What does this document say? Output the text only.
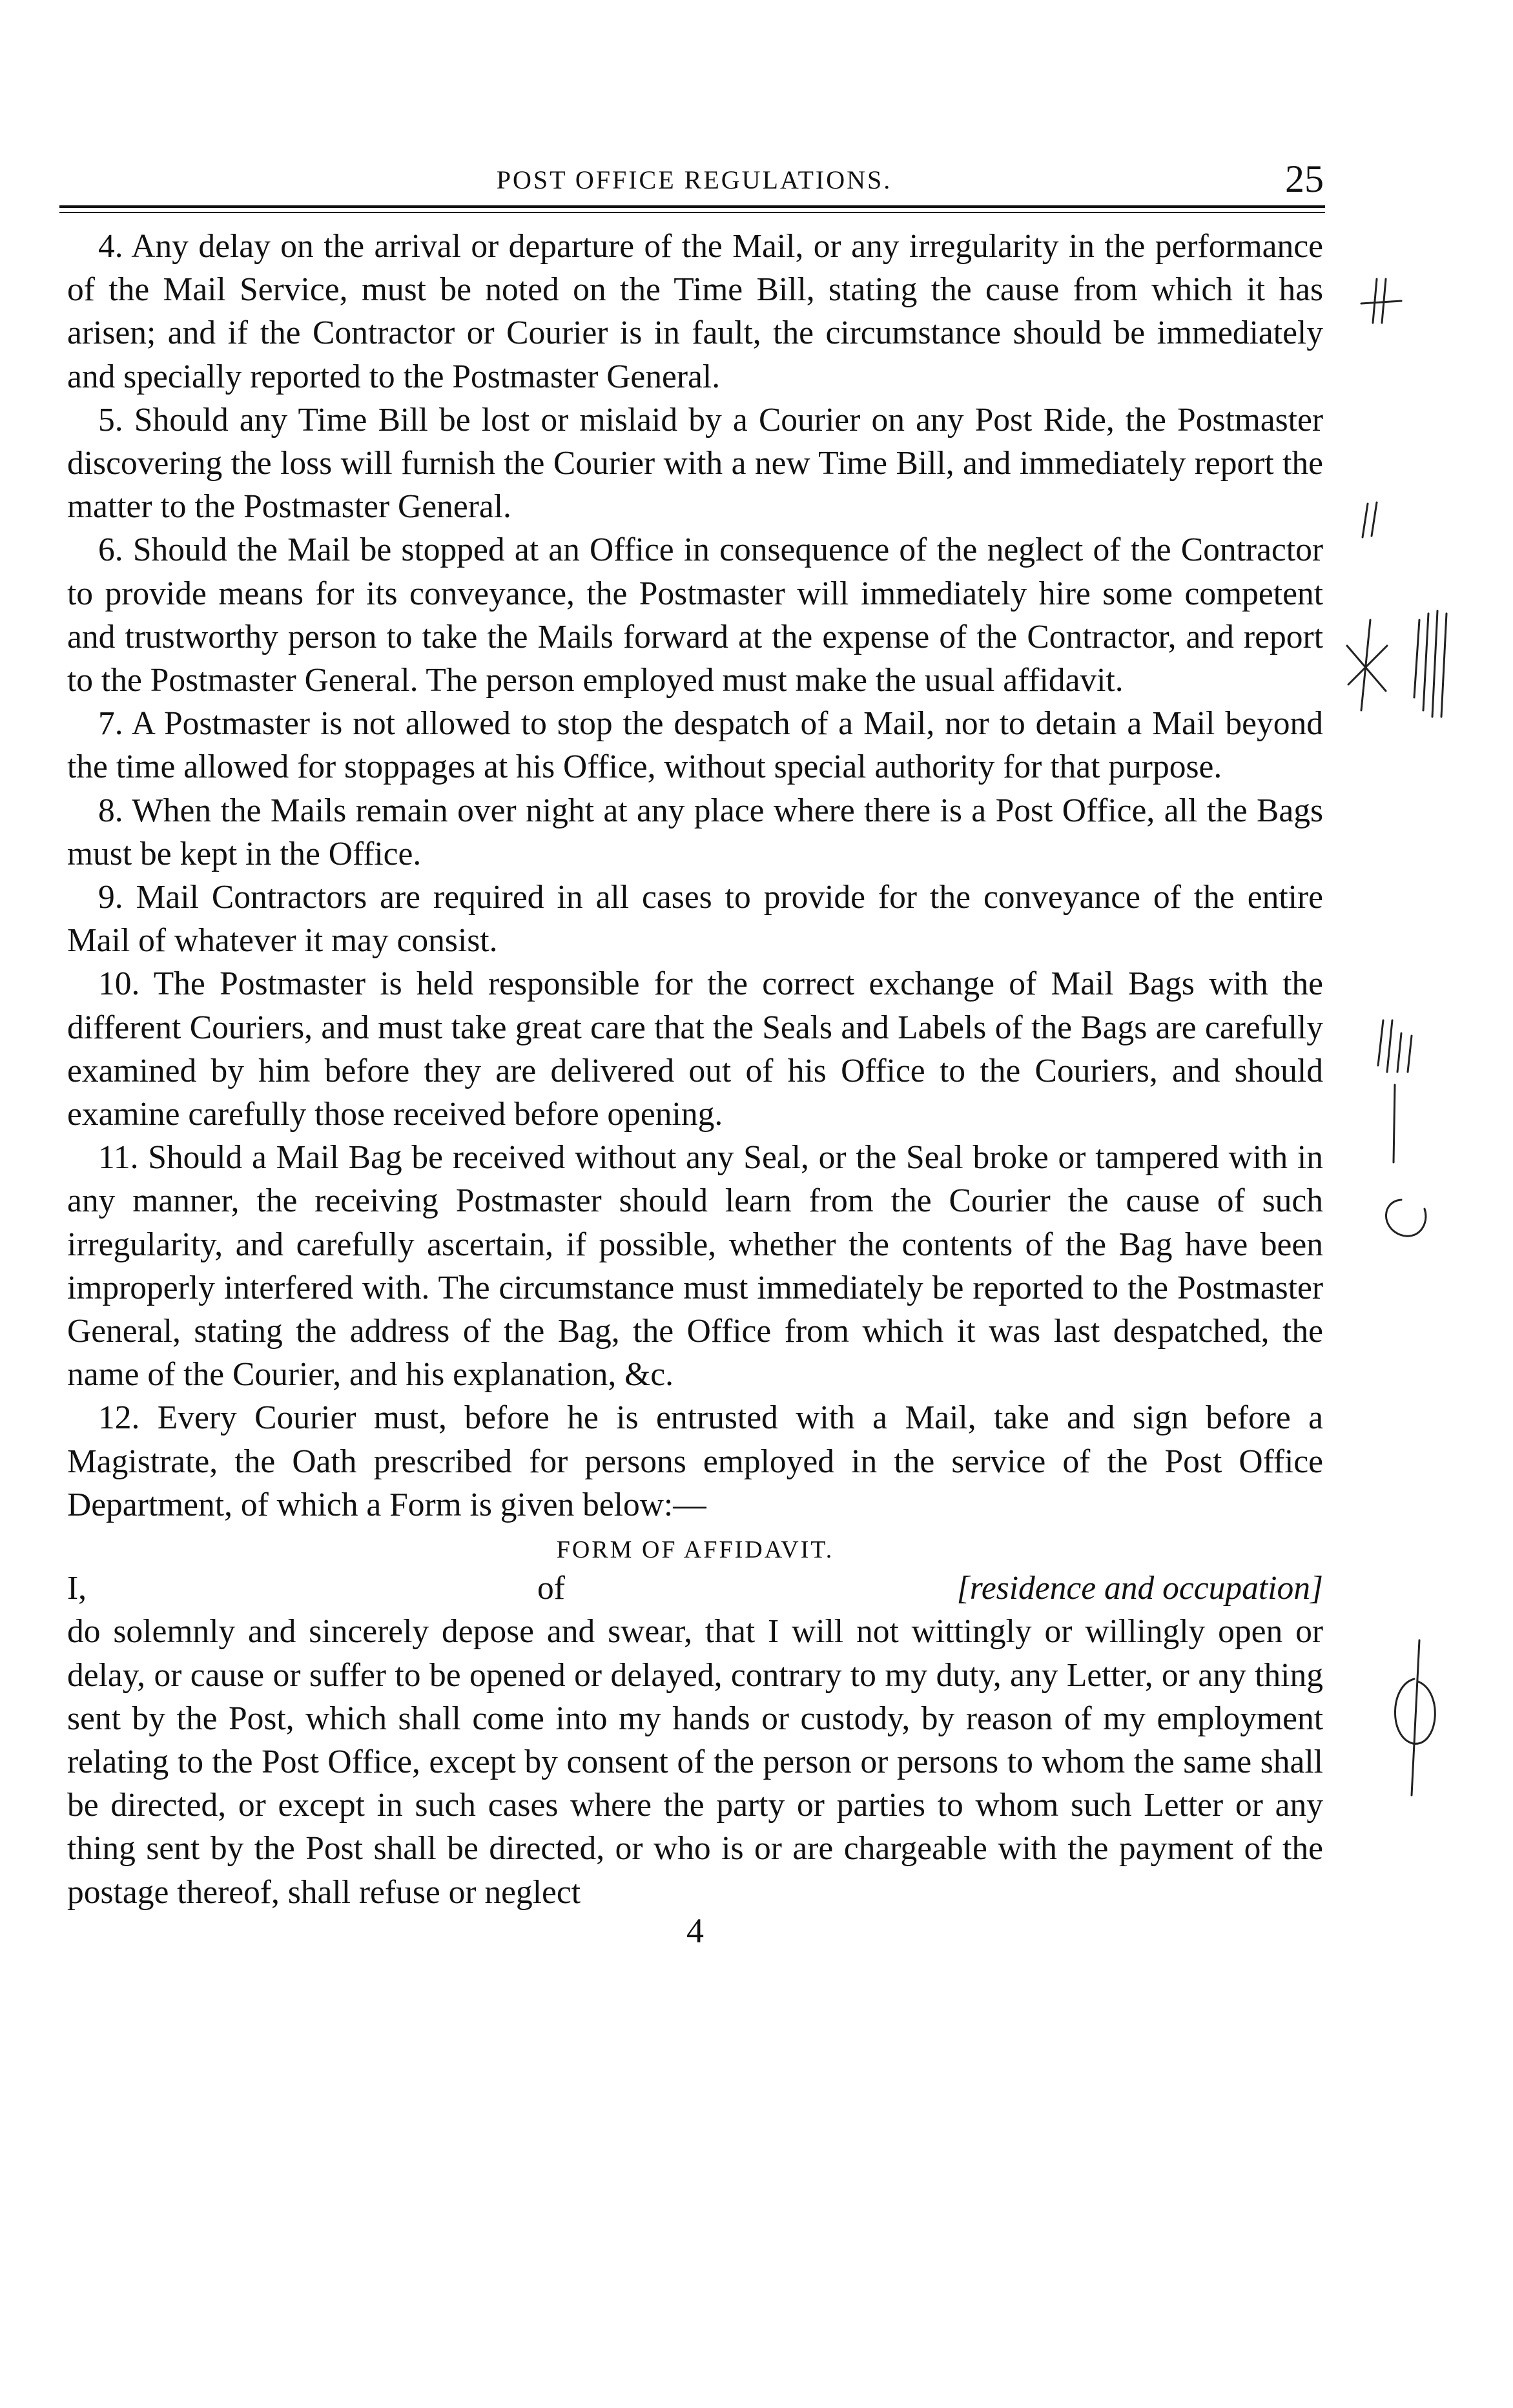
POST OFFICE REGULATIONS.	25

4. Any delay on the arrival or departure of the Mail, or any irregularity in the performance of the Mail Service, must be noted on the Time Bill, stating the cause from which it has arisen; and if the Contractor or Courier is in fault, the circumstance should be immediately and specially reported to the Postmaster General.

5. Should any Time Bill be lost or mislaid by a Courier on any Post Ride, the Postmaster discovering the loss will furnish the Courier with a new Time Bill, and immediately report the matter to the Postmaster General.

6. Should the Mail be stopped at an Office in consequence of the neglect of the Contractor to provide means for its conveyance, the Postmaster will immediately hire some competent and trustworthy person to take the Mails forward at the expense of the Contractor, and report to the Postmaster General. The person employed must make the usual affidavit.

7. A Postmaster is not allowed to stop the despatch of a Mail, nor to detain a Mail beyond the time allowed for stoppages at his Office, without special authority for that purpose.

8. When the Mails remain over night at any place where there is a Post Office, all the Bags must be kept in the Office.

9. Mail Contractors are required in all cases to provide for the conveyance of the entire Mail of whatever it may consist.

10. The Postmaster is held responsible for the correct exchange of Mail Bags with the different Couriers, and must take great care that the Seals and Labels of the Bags are carefully examined by him before they are delivered out of his Office to the Couriers, and should examine carefully those received before opening.

11. Should a Mail Bag be received without any Seal, or the Seal broke or tampered with in any manner, the receiving Postmaster should learn from the Courier the cause of such irregularity, and carefully ascertain, if possible, whether the contents of the Bag have been improperly interfered with. The circumstance must immediately be reported to the Postmaster General, stating the address of the Bag, the Office from which it was last despatched, the name of the Courier, and his explanation, &c.

12. Every Courier must, before he is entrusted with a Mail, take and sign before a Magistrate, the Oath prescribed for persons employed in the service of the Post Office Department, of which a Form is given below:—

FORM OF AFFIDAVIT.
I,	of	[residence and occupation]

do solemnly and sincerely depose and swear, that I will not wittingly or willingly open or delay, or cause or suffer to be opened or delayed, contrary to my duty, any Letter, or any thing sent by the Post, which shall come into my hands or custody, by reason of my employment relating to the Post Office, except by consent of the person or persons to whom the same shall be directed, or except in such cases where the party or parties to whom such Letter or any thing sent by the Post shall be directed, or who is or are chargeable with the payment of the postage thereof, shall refuse or neglect

4
